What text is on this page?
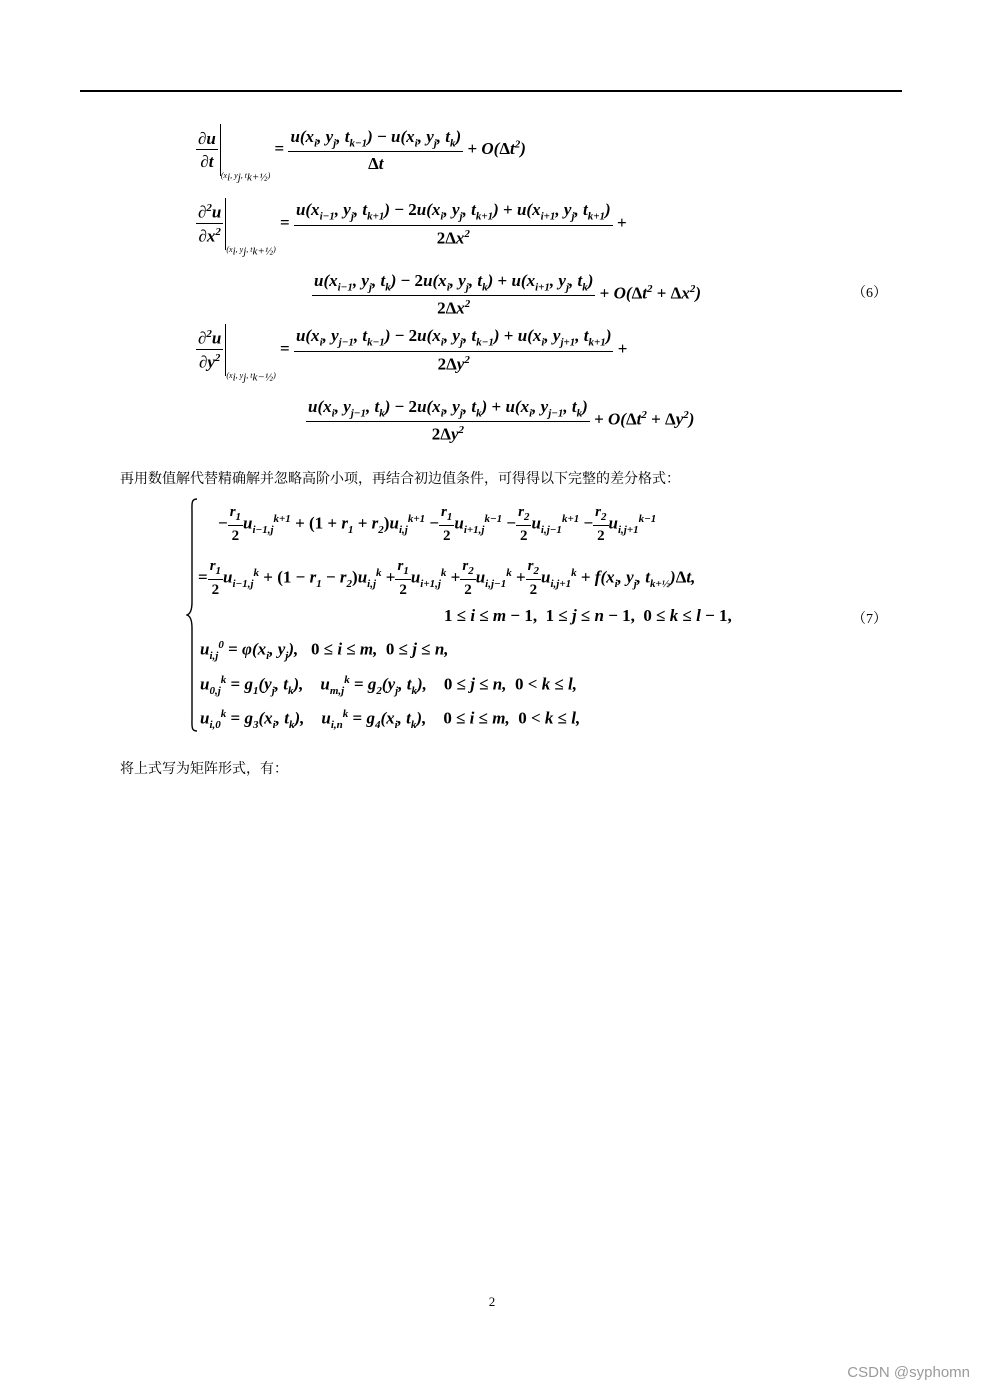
$\frac{\partial u}{\partial t}$
($x_i$, $y_j$, $t_{k+\frac{1}{2}}) = \frac{u(x_i, y_j, t_{k-1}) - u(x_i, y_j, t_k)}{\Delta t} + O(\Delta t^2)$
$\frac{\partial^2u}{\partial x^2}$
($x_i$, $y_j$, $t_{k+\frac{1}{2}}) = \frac{u(x_{i-1}, y_j, t_{k+1}) - 2u(x_i, y_j, t_{k+1}) + u(x_{i+1}, y_j, t_{k+1})}{2\Delta x^2}$ +
$\frac{u(x_{i-1}, y_j, t_k) - 2u(x_i, y_j, t_k) + u(x_{i+1}, y_j, t_k)}{2\Delta x^2} + O(\Delta t^2 + \Delta x^2)$	（6）
$\frac{\partial^2u}{\partial y^2}$
($x_i$, $y_j$, $t_{k-\frac{1}{2}}) = \frac{u(x_i, y_{j-1}, t_{k-1}) - 2u(x_i, y_j, t_{k-1}) + u(x_i, y_{j+1}, t_{k+1})}{2\Delta y^2}$ +
$\frac{u(x_i, y_{j-1}, t_k) - 2u(x_i, y_j, t_k) + u(x_i, y_{j-1}, t_k)}{2\Delta y^2} + O(\Delta t^2 + \Delta y^2)$
再用数值解代替精确解并忽略高阶小项，再结合初边值条件，可得得以下完整的差分格式：
− $\frac{r_1}{2} u_{i-1,j}^{k+1} + (1 + r_1 + r_2)u_{i,j}^{k+1} - \frac{r_1}{2} u_{i+1,j}^{k-1} - \frac{r_2}{2} u_{i,j-1}^{k+1} - \frac{r_2}{2} u_{i,j+1}^{k-1}$
= $\frac{r_1}{2} u_{i-1,j}^k + (1 - r_1 - r_2)u_{i,j}^k + \frac{r_1}{2} u_{i+1,j}^k + \frac{r_2}{2} u_{i,j-1}^k + \frac{r_2}{2} u_{i,j+1}^k + f(x_i$, $y_j$, $t_{k+\frac{1}{2}})\Delta t$,
1 ≤ i ≤ m − 1,  1 ≤ j ≤ n − 1,  0 ≤ k ≤ l − 1,	（7）
$u_{i,j}^0 = \varphi(x_i$, $y_j$),   0 ≤ i ≤ m,  0 ≤ j ≤ n,
$u_{0,j}^k = g_1(y_j$, $t_k$),    $u_{m,j}^k = g_2(y_j$, $t_k$),    0 ≤ j ≤ n,  0 < k ≤ l,
$u_{i,0}^k = g_3(x_i$, $t_k$),    $u_{i,n}^k = g_4(x_i$, $t_k$),    0 ≤ i ≤ m,  0 < k ≤ l,
将上式写为矩阵形式，有：
2
CSDN @syphomn
